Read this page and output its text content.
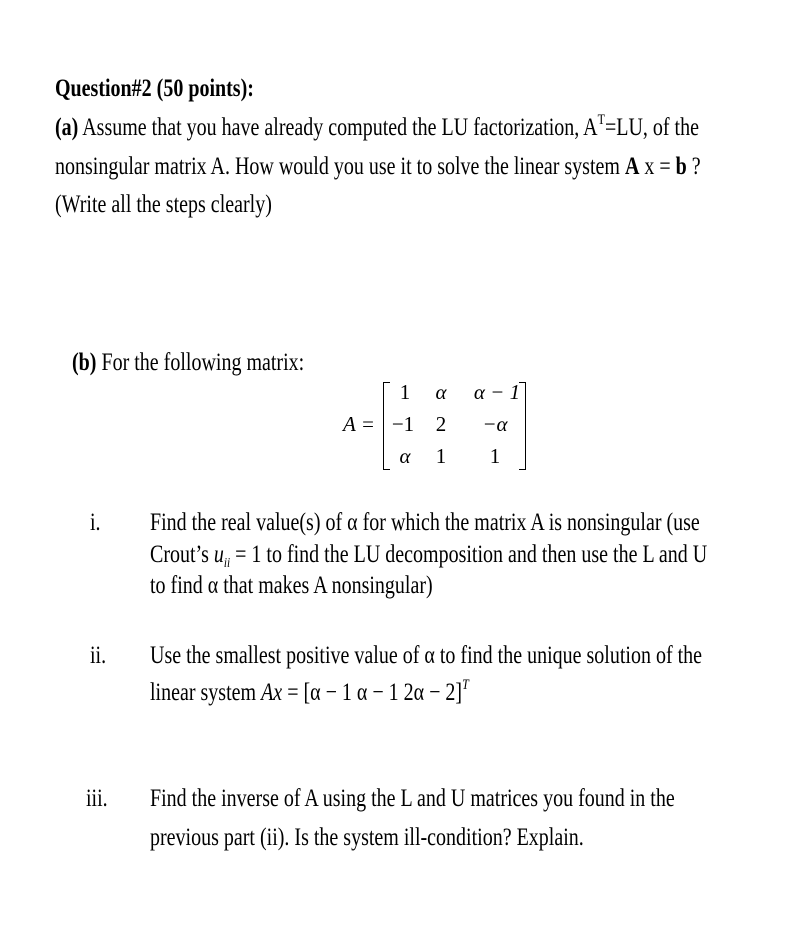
Question#2 (50 points):
(a) Assume that you have already computed the LU factorization, $A^T=LU$, of the
nonsingular matrix A. How would you use it to solve the linear system A x = b ?
(Write all the steps clearly)
(b) For the following matrix:
A =
1	α	α − 1
−1	2	−α
α	1	1
i. Find the real value(s) of α for which the matrix A is nonsingular (use
Crout’s $u_{ii} = 1$ to find the LU decomposition and then use the L and U
to find α that makes A nonsingular)
ii. Use the smallest positive value of α to find the unique solution of the
linear system Ax = [α − 1 α − 1 2α − 2]$^T$
iii. Find the inverse of A using the L and U matrices you found in the
previous part (ii). Is the system ill-condition? Explain.
